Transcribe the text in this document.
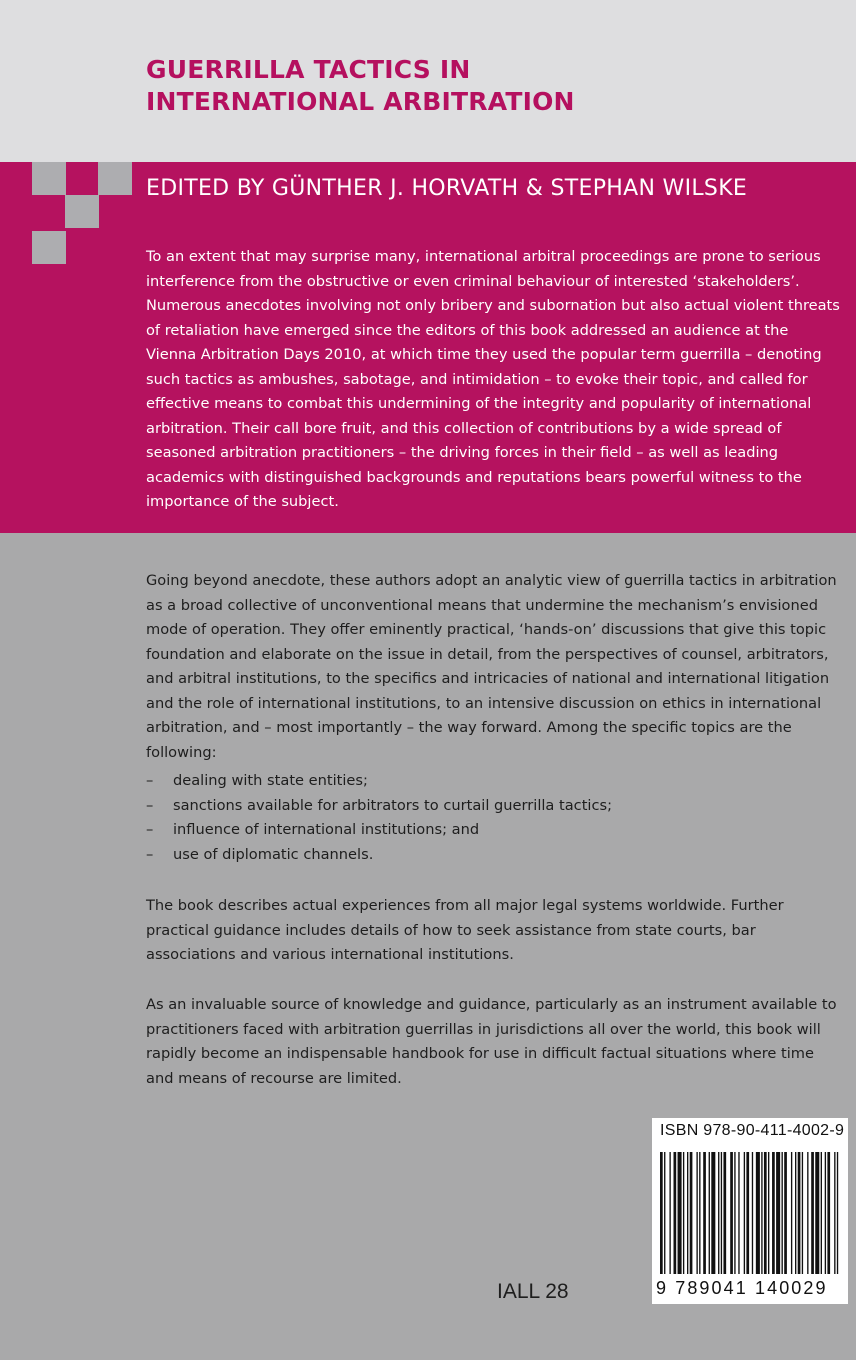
GUERRILLA TACTICS IN
INTERNATIONAL ARBITRATION
EDITED BY GÜNTHER J. HORVATH & STEPHAN WILSKE

To an extent that may surprise many, international arbitral proceedings are prone to serious interference from the obstructive or even criminal behaviour of interested ‘stakeholders’. Numerous anecdotes involving not only bribery and subornation but also actual violent threats of retaliation have emerged since the editors of this book addressed an audience at the Vienna Arbitration Days 2010, at which time they used the popular term guerrilla – denoting such tactics as ambushes, sabotage, and intimidation – to evoke their topic, and called for effective means to combat this undermining of the integrity and popularity of international arbitration. Their call bore fruit, and this collection of contributions by a wide spread of seasoned arbitration practitioners – the driving forces in their field – as well as leading academics with distinguished backgrounds and reputations bears powerful witness to the importance of the subject.

Going beyond anecdote, these authors adopt an analytic view of guerrilla tactics in arbitration as a broad collective of unconventional means that undermine the mechanism’s envisioned mode of operation. They offer eminently practical, ‘hands-on’ discussions that give this topic foundation and elaborate on the issue in detail, from the perspectives of counsel, arbitrators, and arbitral institutions, to the specifics and intricacies of national and international litigation and the role of international institutions, to an intensive discussion on ethics in international arbitration, and – most importantly – the way forward. Among the specific topics are the following:

– dealing with state entities;
– sanctions available for arbitrators to curtail guerrilla tactics;
– influence of international institutions; and
– use of diplomatic channels.

The book describes actual experiences from all major legal systems worldwide. Further practical guidance includes details of how to seek assistance from state courts, bar associations and various international institutions.

As an invaluable source of knowledge and guidance, particularly as an instrument available to practitioners faced with arbitration guerrillas in jurisdictions all over the world, this book will rapidly become an indispensable handbook for use in difficult factual situations where time and means of recourse are limited.

ISBN 978-90-411-4002-9
9 789041 140029
IALL 28
